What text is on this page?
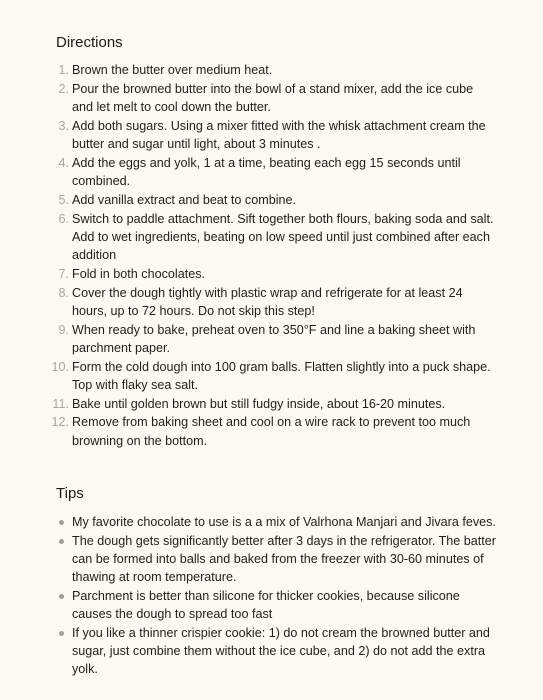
Directions
1. Brown the butter over medium heat.
2. Pour the browned butter into the bowl of a stand mixer, add the ice cube and let melt to cool down the butter.
3. Add both sugars. Using a mixer fitted with the whisk attachment cream the butter and sugar until light, about 3 minutes .
4. Add the eggs and yolk, 1 at a time, beating each egg 15 seconds until combined.
5. Add vanilla extract and beat to combine.
6. Switch to paddle attachment. Sift together both flours, baking soda and salt. Add to wet ingredients, beating on low speed until just combined after each addition
7. Fold in both chocolates.
8. Cover the dough tightly with plastic wrap and refrigerate for at least 24 hours, up to 72 hours. Do not skip this step!
9. When ready to bake, preheat oven to 350°F and line a baking sheet with parchment paper.
10. Form the cold dough into 100 gram balls. Flatten slightly into a puck shape. Top with flaky sea salt.
11. Bake until golden brown but still fudgy inside, about 16-20 minutes.
12. Remove from baking sheet and cool on a wire rack to prevent too much browning on the bottom.
Tips
My favorite chocolate to use is a a mix of Valrhona Manjari and Jivara feves.
The dough gets significantly better after 3 days in the refrigerator. The batter can be formed into balls and baked from the freezer with 30-60 minutes of thawing at room temperature.
Parchment is better than silicone for thicker cookies, because silicone causes the dough to spread too fast
If you like a thinner crispier cookie: 1) do not cream the browned butter and sugar, just combine them without the ice cube, and 2) do not add the extra yolk.
